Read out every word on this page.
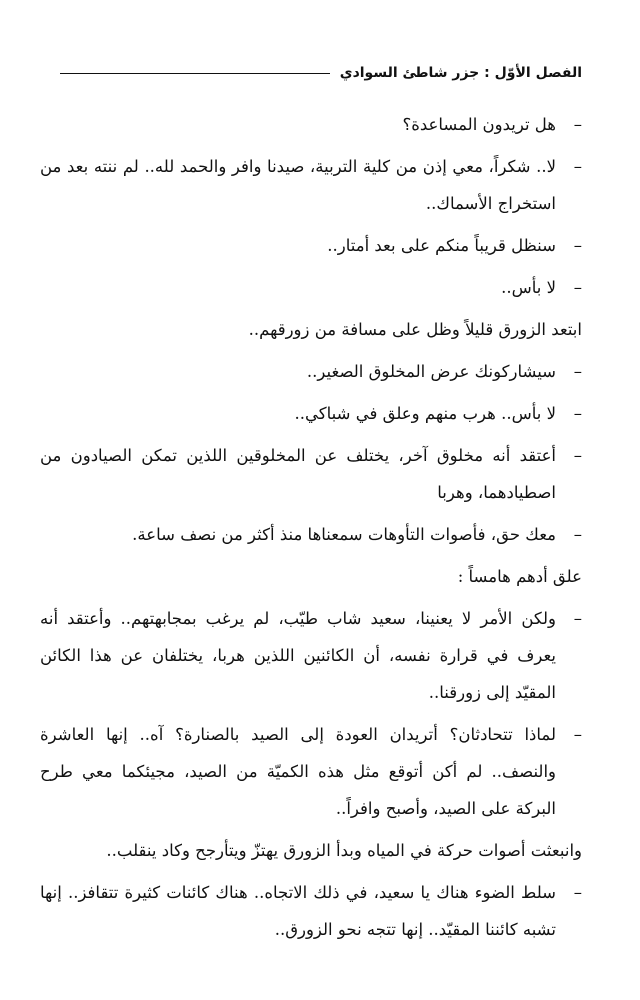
الفصل الأوّل : جزر شاطئ السوادي

–
هل تريدون المساعدة؟

–
لا.. شكراً، معي إذن من كلية التربية، صيدنا وافر والحمد لله.. لم ننته بعد من استخراج الأسماك..

–
سنظل قريباً منكم على بعد أمتار..

–
لا بأس..

ابتعد الزورق قليلاً وظل على مسافة من زورقهم..

–
سيشاركونك عرض المخلوق الصغير..

–
لا بأس.. هرب منهم وعلق في شباكي..

–
أعتقد أنه مخلوق آخر، يختلف عن المخلوقين اللذين تمكن الصيادون من اصطيادهما، وهربا

–
معك حق، فأصوات التأوهات سمعناها منذ أكثر من نصف ساعة.

علق أدهم هامساً :

–
ولكن الأمر لا يعنينا، سعيد شاب طيّب، لم يرغب بمجابهتهم.. وأعتقد أنه يعرف في قرارة نفسه، أن الكائنين اللذين هربا، يختلفان عن هذا الكائن المقيّد إلى زورقنا..

–
لماذا تتحادثان؟ أتريدان العودة إلى الصيد بالصنارة؟ آه.. إنها العاشرة والنصف.. لم أكن أتوقع مثل هذه الكميّة من الصيد، مجيئكما معي طرح البركة على الصيد، وأصبح وافراً..

وانبعثت أصوات حركة في المياه وبدأ الزورق يهتزّ ويتأرجح وكاد ينقلب..

–
سلط الضوء هناك يا سعيد، في ذلك الاتجاه.. هناك كائنات كثيرة تتقافز.. إنها تشبه كائننا المقيّد.. إنها تتجه نحو الزورق..
